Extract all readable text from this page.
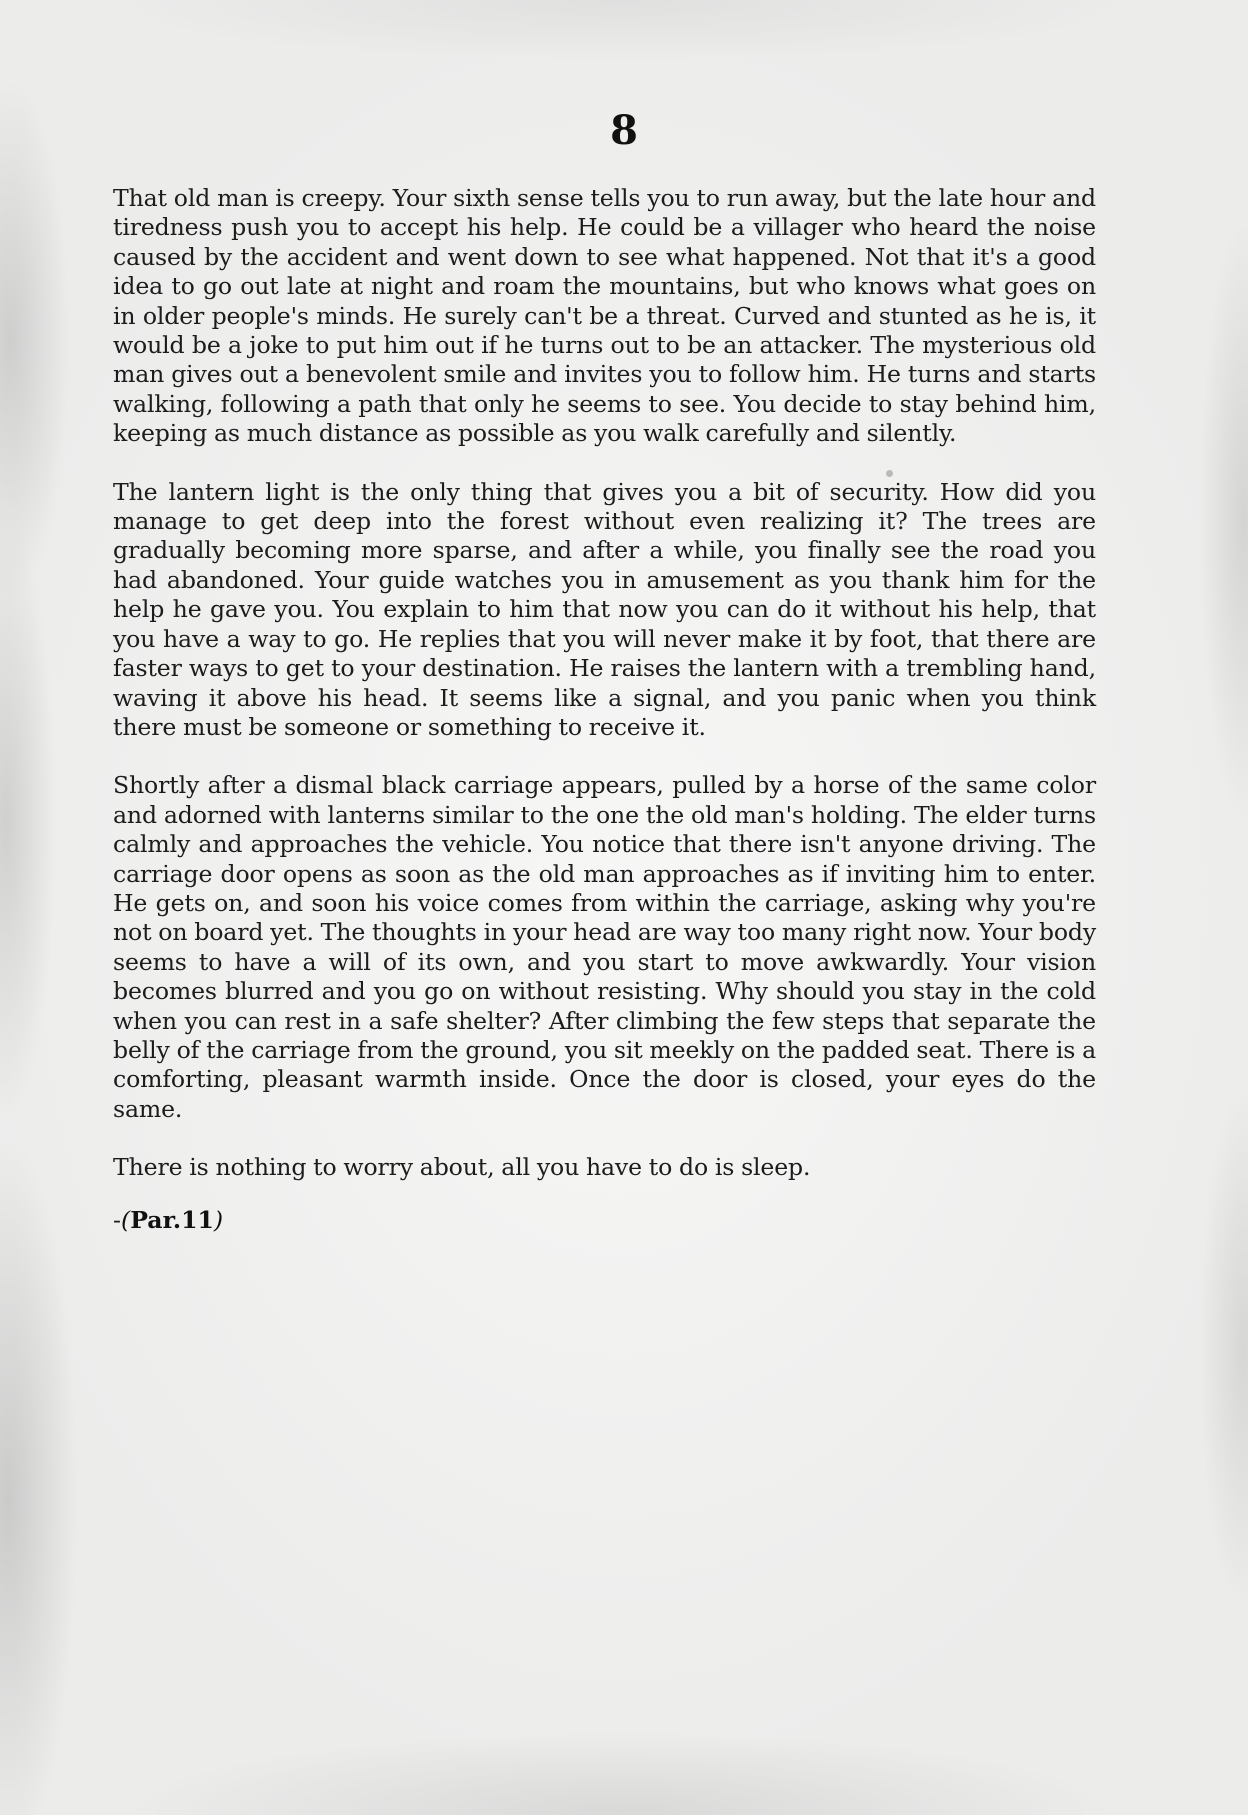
8

That old man is creepy. Your sixth sense tells you to run away, but the late hour and tiredness push you to accept his help. He could be a villager who heard the noise caused by the accident and went down to see what happened. Not that it's a good idea to go out late at night and roam the mountains, but who knows what goes on in older people's minds. He surely can't be a threat. Curved and stunted as he is, it would be a joke to put him out if he turns out to be an attacker. The mysterious old man gives out a benevolent smile and invites you to follow him. He turns and starts walking, following a path that only he seems to see. You decide to stay behind him, keeping as much distance as possible as you walk carefully and silently.

The lantern light is the only thing that gives you a bit of security. How did you manage to get deep into the forest without even realizing it? The trees are gradually becoming more sparse, and after a while, you finally see the road you had abandoned. Your guide watches you in amusement as you thank him for the help he gave you. You explain to him that now you can do it without his help, that you have a way to go. He replies that you will never make it by foot, that there are faster ways to get to your destination. He raises the lantern with a trembling hand, waving it above his head. It seems like a signal, and you panic when you think there must be someone or something to receive it.

Shortly after a dismal black carriage appears, pulled by a horse of the same color and adorned with lanterns similar to the one the old man's holding. The elder turns calmly and approaches the vehicle. You notice that there isn't anyone driving. The carriage door opens as soon as the old man approaches as if inviting him to enter. He gets on, and soon his voice comes from within the carriage, asking why you're not on board yet. The thoughts in your head are way too many right now. Your body seems to have a will of its own, and you start to move awkwardly. Your vision becomes blurred and you go on without resisting. Why should you stay in the cold when you can rest in a safe shelter? After climbing the few steps that separate the belly of the carriage from the ground, you sit meekly on the padded seat. There is a comforting, pleasant warmth inside. Once the door is closed, your eyes do the same.

There is nothing to worry about, all you have to do is sleep.

-(Par.11)
